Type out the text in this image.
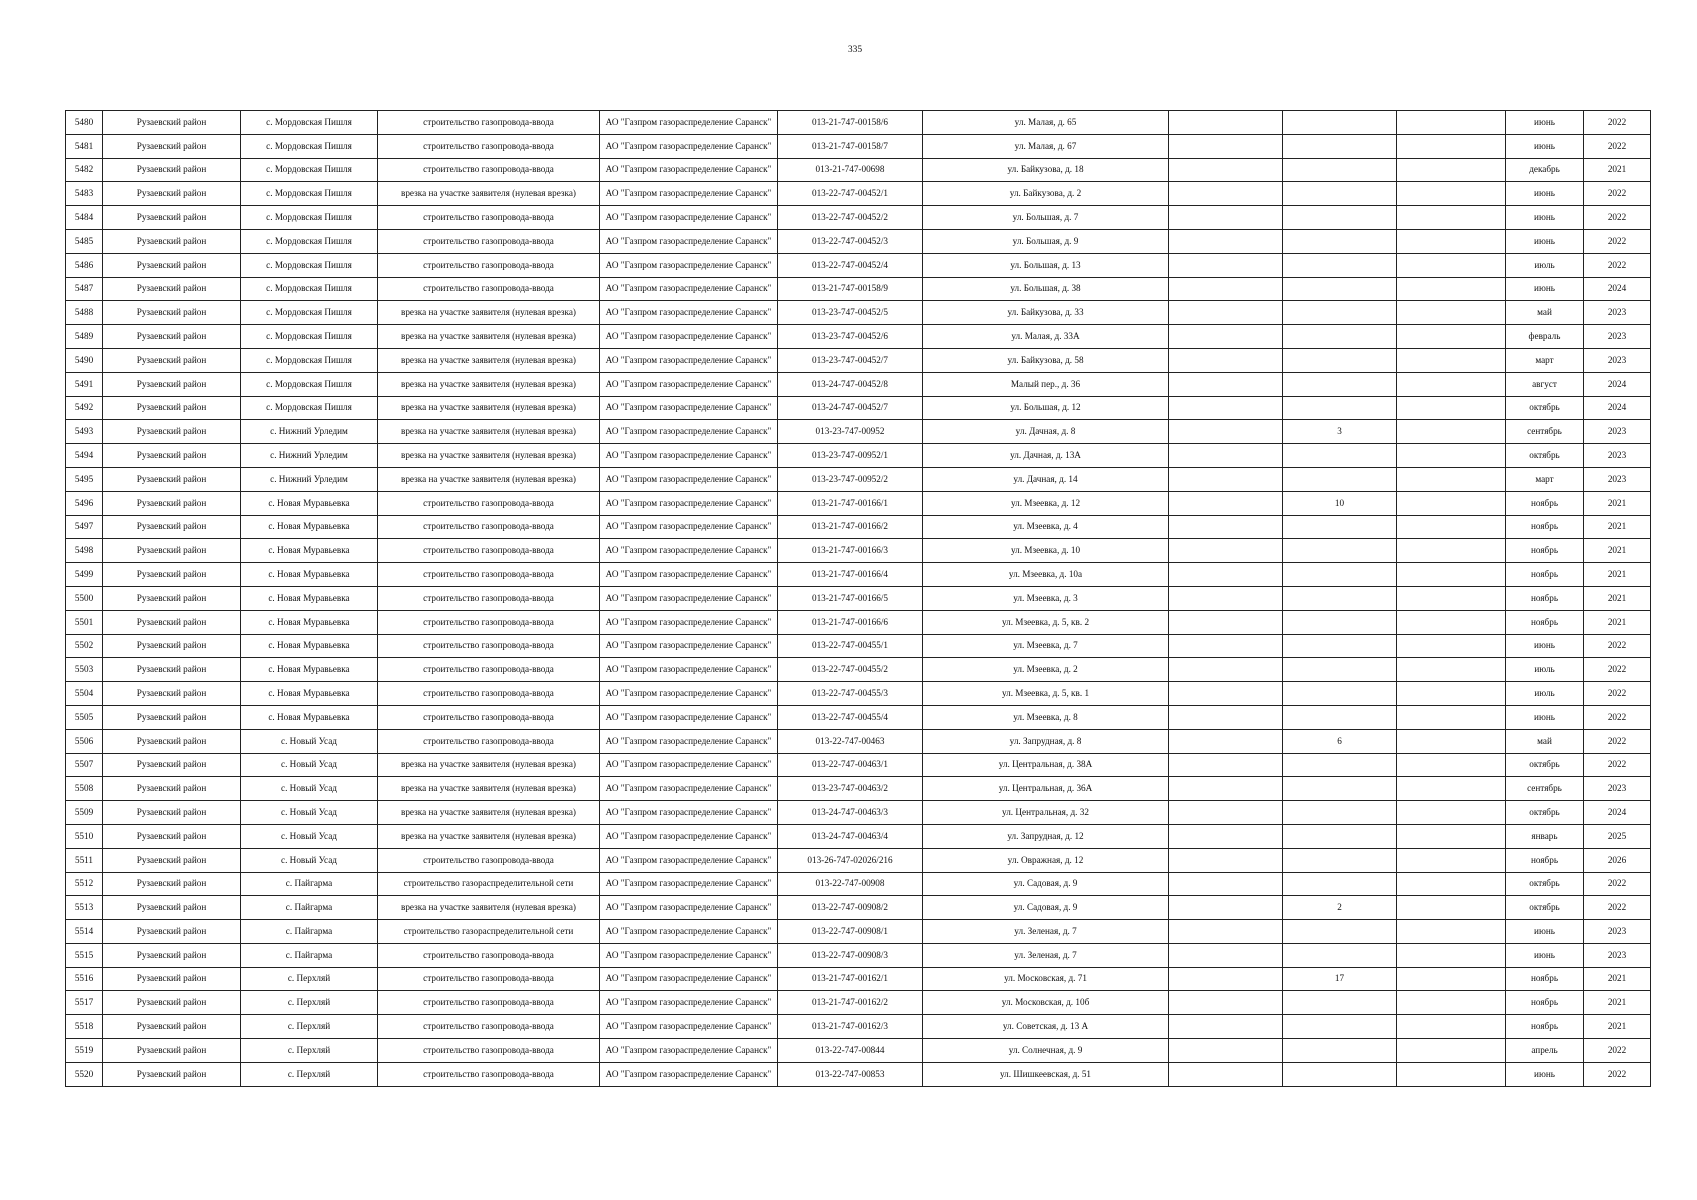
335
5480	Рузаевский район	с. Мордовская Пишля	строительство газопровода-ввода	АО "Газпром газораспределение Саранск"	013-21-747-00158/6	ул. Малая, д. 65				июнь	2022
5481	Рузаевский район	с. Мордовская Пишля	строительство газопровода-ввода	АО "Газпром газораспределение Саранск"	013-21-747-00158/7	ул. Малая, д. 67				июнь	2022
5482	Рузаевский район	с. Мордовская Пишля	строительство газопровода-ввода	АО "Газпром газораспределение Саранск"	013-21-747-00698	ул. Байкузова, д. 18				декабрь	2021
5483	Рузаевский район	с. Мордовская Пишля	врезка на участке заявителя (нулевая врезка)	АО "Газпром газораспределение Саранск"	013-22-747-00452/1	ул. Байкузова, д. 2				июнь	2022
5484	Рузаевский район	с. Мордовская Пишля	строительство газопровода-ввода	АО "Газпром газораспределение Саранск"	013-22-747-00452/2	ул. Большая, д. 7				июнь	2022
5485	Рузаевский район	с. Мордовская Пишля	строительство газопровода-ввода	АО "Газпром газораспределение Саранск"	013-22-747-00452/3	ул. Большая, д. 9				июнь	2022
5486	Рузаевский район	с. Мордовская Пишля	строительство газопровода-ввода	АО "Газпром газораспределение Саранск"	013-22-747-00452/4	ул. Большая, д. 13				июль	2022
5487	Рузаевский район	с. Мордовская Пишля	строительство газопровода-ввода	АО "Газпром газораспределение Саранск"	013-21-747-00158/9	ул. Большая, д. 38				июнь	2024
5488	Рузаевский район	с. Мордовская Пишля	врезка на участке заявителя (нулевая врезка)	АО "Газпром газораспределение Саранск"	013-23-747-00452/5	ул. Байкузова, д. 33				май	2023
5489	Рузаевский район	с. Мордовская Пишля	врезка на участке заявителя (нулевая врезка)	АО "Газпром газораспределение Саранск"	013-23-747-00452/6	ул. Малая, д. 33А				февраль	2023
5490	Рузаевский район	с. Мордовская Пишля	врезка на участке заявителя (нулевая врезка)	АО "Газпром газораспределение Саранск"	013-23-747-00452/7	ул. Байкузова, д. 58				март	2023
5491	Рузаевский район	с. Мордовская Пишля	врезка на участке заявителя (нулевая врезка)	АО "Газпром газораспределение Саранск"	013-24-747-00452/8	Малый пер., д. 36				август	2024
5492	Рузаевский район	с. Мордовская Пишля	врезка на участке заявителя (нулевая врезка)	АО "Газпром газораспределение Саранск"	013-24-747-00452/7	ул. Большая, д. 12				октябрь	2024
5493	Рузаевский район	с. Нижний Урледим	врезка на участке заявителя (нулевая врезка)	АО "Газпром газораспределение Саранск"	013-23-747-00952	ул. Дачная, д. 8		3		сентябрь	2023
5494	Рузаевский район	с. Нижний Урледим	врезка на участке заявителя (нулевая врезка)	АО "Газпром газораспределение Саранск"	013-23-747-00952/1	ул. Дачная, д. 13А				октябрь	2023
5495	Рузаевский район	с. Нижний Урледим	врезка на участке заявителя (нулевая врезка)	АО "Газпром газораспределение Саранск"	013-23-747-00952/2	ул. Дачная, д. 14				март	2023
5496	Рузаевский район	с. Новая Муравьевка	строительство газопровода-ввода	АО "Газпром газораспределение Саранск"	013-21-747-00166/1	ул. Мзеевка, д. 12		10		ноябрь	2021
5497	Рузаевский район	с. Новая Муравьевка	строительство газопровода-ввода	АО "Газпром газораспределение Саранск"	013-21-747-00166/2	ул. Мзеевка, д. 4				ноябрь	2021
5498	Рузаевский район	с. Новая Муравьевка	строительство газопровода-ввода	АО "Газпром газораспределение Саранск"	013-21-747-00166/3	ул. Мзеевка, д. 10				ноябрь	2021
5499	Рузаевский район	с. Новая Муравьевка	строительство газопровода-ввода	АО "Газпром газораспределение Саранск"	013-21-747-00166/4	ул. Мзеевка, д. 10а				ноябрь	2021
5500	Рузаевский район	с. Новая Муравьевка	строительство газопровода-ввода	АО "Газпром газораспределение Саранск"	013-21-747-00166/5	ул. Мзеевка, д. 3				ноябрь	2021
5501	Рузаевский район	с. Новая Муравьевка	строительство газопровода-ввода	АО "Газпром газораспределение Саранск"	013-21-747-00166/6	ул. Мзеевка, д. 5, кв. 2				ноябрь	2021
5502	Рузаевский район	с. Новая Муравьевка	строительство газопровода-ввода	АО "Газпром газораспределение Саранск"	013-22-747-00455/1	ул. Мзеевка, д. 7				июнь	2022
5503	Рузаевский район	с. Новая Муравьевка	строительство газопровода-ввода	АО "Газпром газораспределение Саранск"	013-22-747-00455/2	ул. Мзеевка, д. 2				июль	2022
5504	Рузаевский район	с. Новая Муравьевка	строительство газопровода-ввода	АО "Газпром газораспределение Саранск"	013-22-747-00455/3	ул. Мзеевка, д. 5, кв. 1				июль	2022
5505	Рузаевский район	с. Новая Муравьевка	строительство газопровода-ввода	АО "Газпром газораспределение Саранск"	013-22-747-00455/4	ул. Мзеевка, д. 8				июнь	2022
5506	Рузаевский район	с. Новый Усад	строительство газопровода-ввода	АО "Газпром газораспределение Саранск"	013-22-747-00463	ул. Запрудная, д. 8		6		май	2022
5507	Рузаевский район	с. Новый Усад	врезка на участке заявителя (нулевая врезка)	АО "Газпром газораспределение Саранск"	013-22-747-00463/1	ул. Центральная, д. 38А				октябрь	2022
5508	Рузаевский район	с. Новый Усад	врезка на участке заявителя (нулевая врезка)	АО "Газпром газораспределение Саранск"	013-23-747-00463/2	ул. Центральная, д. 36А				сентябрь	2023
5509	Рузаевский район	с. Новый Усад	врезка на участке заявителя (нулевая врезка)	АО "Газпром газораспределение Саранск"	013-24-747-00463/3	ул. Центральная, д. 32				октябрь	2024
5510	Рузаевский район	с. Новый Усад	врезка на участке заявителя (нулевая врезка)	АО "Газпром газораспределение Саранск"	013-24-747-00463/4	ул. Запрудная, д. 12				январь	2025
5511	Рузаевский район	с. Новый Усад	строительство газопровода-ввода	АО "Газпром газораспределение Саранск"	013-26-747-02026/216	ул. Овражная, д. 12				ноябрь	2026
5512	Рузаевский район	с. Пайгарма	строительство газораспределительной сети	АО "Газпром газораспределение Саранск"	013-22-747-00908	ул. Садовая, д. 9				октябрь	2022
5513	Рузаевский район	с. Пайгарма	врезка на участке заявителя (нулевая врезка)	АО "Газпром газораспределение Саранск"	013-22-747-00908/2	ул. Садовая, д. 9		2		октябрь	2022
5514	Рузаевский район	с. Пайгарма	строительство газораспределительной сети	АО "Газпром газораспределение Саранск"	013-22-747-00908/1	ул. Зеленая, д. 7				июнь	2023
5515	Рузаевский район	с. Пайгарма	строительство газопровода-ввода	АО "Газпром газораспределение Саранск"	013-22-747-00908/3	ул. Зеленая, д. 7				июнь	2023
5516	Рузаевский район	с. Перхляй	строительство газопровода-ввода	АО "Газпром газораспределение Саранск"	013-21-747-00162/1	ул. Московская, д. 71		17		ноябрь	2021
5517	Рузаевский район	с. Перхляй	строительство газопровода-ввода	АО "Газпром газораспределение Саранск"	013-21-747-00162/2	ул. Московская, д. 10б				ноябрь	2021
5518	Рузаевский район	с. Перхляй	строительство газопровода-ввода	АО "Газпром газораспределение Саранск"	013-21-747-00162/3	ул. Советская, д. 13 А				ноябрь	2021
5519	Рузаевский район	с. Перхляй	строительство газопровода-ввода	АО "Газпром газораспределение Саранск"	013-22-747-00844	ул. Солнечная, д. 9				апрель	2022
5520	Рузаевский район	с. Перхляй	строительство газопровода-ввода	АО "Газпром газораспределение Саранск"	013-22-747-00853	ул. Шишкеевская, д. 51				июнь	2022
